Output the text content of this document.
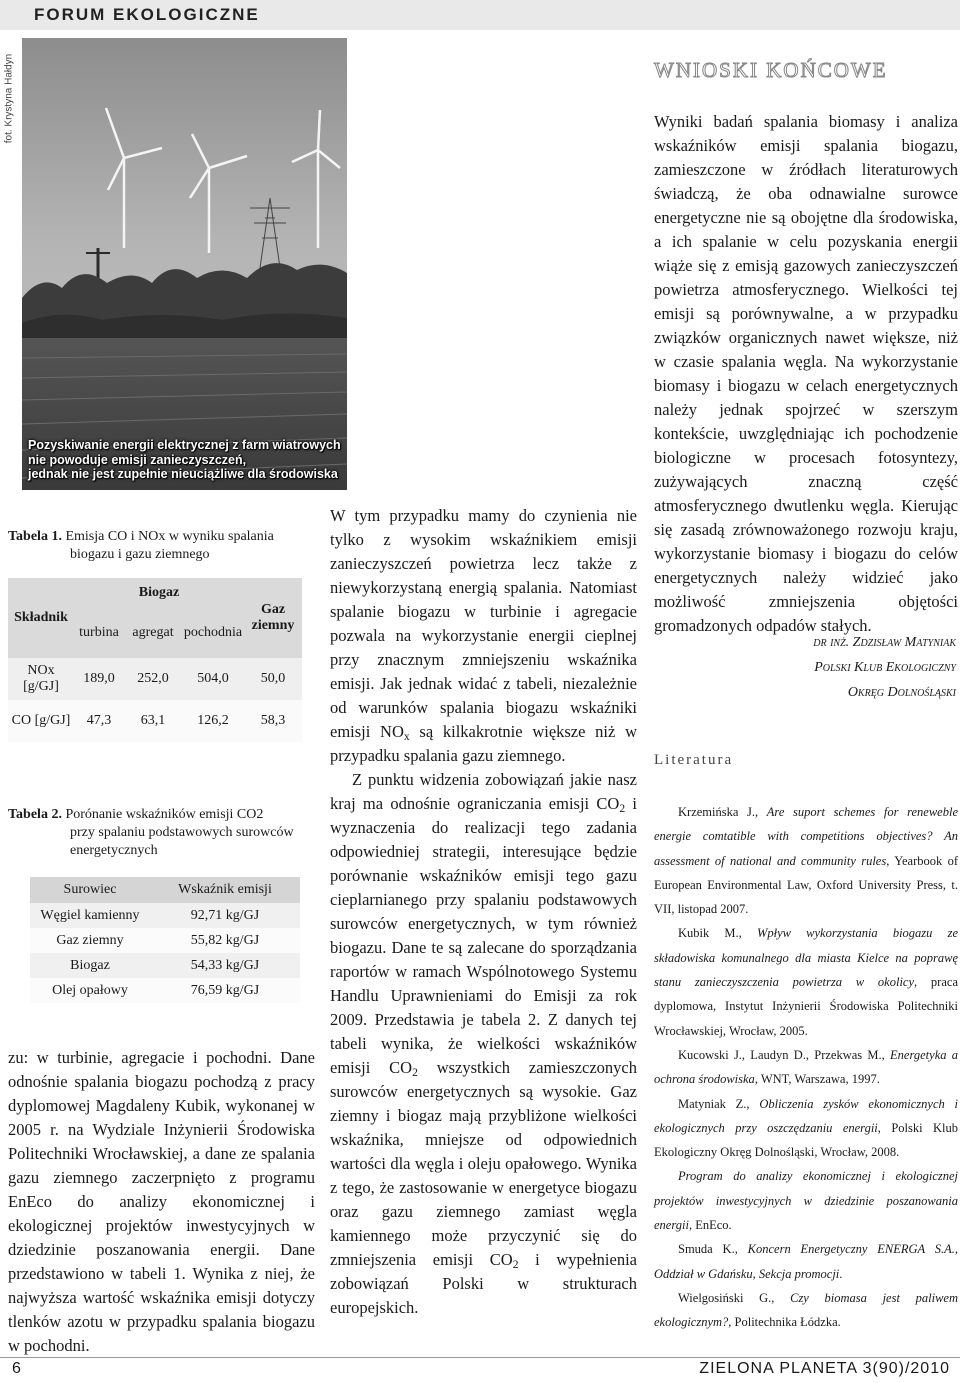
FORUM EKOLOGICZNE
fot. Krystyna Hałdyn
Pozyskiwanie energii elektrycznej z farm wiatrowych
nie powoduje emisji zanieczyszczeń,
jednak nie jest zupełnie nieuciążliwe dla środowiska
Tabela 1. Emisja CO i NOx w wyniku spalania
biogazu i gazu ziemnego
Składnik	Biogaz			Gaz ziemny
	turbina	agregat	pochodnia	
NOx [g/GJ]	189,0	252,0	504,0	50,0
CO [g/GJ]	47,3	63,1	126,2	58,3
Tabela 2. Porónanie wskaźników emisji CO2
przy spalaniu podstawowych surowców
energetycznych
Surowiec	Wskaźnik emisji
Węgiel kamienny	92,71 kg/GJ
Gaz ziemny	55,82 kg/GJ
Biogaz	54,33 kg/GJ
Olej opałowy	76,59 kg/GJ

zu: w turbinie, agregacie i pochodni. Dane odnośnie spalania biogazu pochodzą z pracy dyplomowej Magdaleny Kubik, wykonanej w 2005 r. na Wydziale Inżynierii Środowiska Politechniki Wrocławskiej, a dane ze spalania gazu ziemnego zaczerpnięto z programu EnEco do analizy ekonomicznej i ekologicznej projektów inwestycyjnych w dziedzinie poszanowania energii. Dane przedstawiono w tabeli 1. Wynika z niej, że najwyższa wartość wskaźnika emisji dotyczy tlenków azotu w przypadku spalania biogazu w pochodni.

W tym przypadku mamy do czynienia nie tylko z wysokim wskaźnikiem emisji zanieczyszczeń powietrza lecz także z niewykorzystaną energią spalania. Natomiast spalanie biogazu w turbinie i agregacie pozwala na wykorzystanie energii cieplnej przy znacznym zmniejszeniu wskaźnika emisji. Jak jednak widać z tabeli, niezależnie od warunków spalania biogazu wskaźniki emisji $NO_x$ są kilkakrotnie większe niż w przypadku spalania gazu ziemnego.

Z punktu widzenia zobowiązań jakie nasz kraj ma odnośnie ograniczania emisji $CO_2$ i wyznaczenia do realizacji tego zadania odpowiedniej strategii, interesujące będzie porównanie wskaźników emisji tego gazu cieplarnianego przy spalaniu podstawowych surowców energetycznych, w tym również biogazu. Dane te są zalecane do sporządzania raportów w ramach Wspólnotowego Systemu Handlu Uprawnieniami do Emisji za rok 2009. Przedstawia je tabela 2. Z danych tej tabeli wynika, że wielkości wskaźników emisji $CO_2$ wszystkich zamieszczonych surowców energetycznych są wysokie. Gaz ziemny i biogaz mają przybliżone wielkości wskaźnika, mniejsze od odpowiednich wartości dla węgla i oleju opałowego. Wynika z tego, że zastosowanie w energetyce biogazu oraz gazu ziemnego zamiast węgla kamiennego może przyczynić się do zmniejszenia emisji $CO_2$ i wypełnienia zobowiązań Polski w strukturach europejskich.

WNIOSKI KOŃCOWE

Wyniki badań spalania biomasy i analiza wskaźników emisji spalania biogazu, zamieszczone w źródłach literaturowych świadczą, że oba odnawialne surowce energetyczne nie są obojętne dla środowiska, a ich spalanie w celu pozyskania energii wiąże się z emisją gazowych zanieczyszczeń powietrza atmosferycznego. Wielkości tej emisji są porównywalne, a w przypadku związków organicznych nawet większe, niż w czasie spalania węgla. Na wykorzystanie biomasy i biogazu w celach energetycznych należy jednak spojrzeć w szerszym kontekście, uwzględniając ich pochodzenie biologiczne w procesach fotosyntezy, zużywających znaczną część atmosferycznego dwutlenku węgla. Kierując się zasadą zrównoważonego rozwoju kraju, wykorzystanie biomasy i biogazu do celów energetycznych należy widzieć jako możliwość zmniejszenia objętości gromadzonych odpadów stałych.

dr inż. Zdzisław Matyniak
Polski Klub Ekologiczny
Okręg Dolnośląski
Literatura

Krzemińska J., Are suport schemes for reneweble energie comtatible with competitions objectives? An assessment of national and community rules, Yearbook of European Environmental Law, Oxford University Press, t. VII, listopad 2007.

Kubik M., Wpływ wykorzystania biogazu ze składowiska komunalnego dla miasta Kielce na poprawę stanu zanieczyszczenia powietrza w okolicy, praca dyplomowa, Instytut Inżynierii Środowiska Politechniki Wrocławskiej, Wrocław, 2005.

Kucowski J., Laudyn D., Przekwas M., Energetyka a ochrona środowiska, WNT, Warszawa, 1997.

Matyniak Z., Obliczenia zysków ekonomicznych i ekologicznych przy oszczędzaniu energii, Polski Klub Ekologiczny Okręg Dolnośląski, Wrocław, 2008.

Program do analizy ekonomicznej i ekologicznej projektów inwestycyjnych w dziedzinie poszanowania energii, EnEco.

Smuda K., Koncern Energetyczny ENERGA S.A., Oddział w Gdańsku, Sekcja promocji.

Wielgosiński G., Czy biomasa jest paliwem ekologicznym?, Politechnika Łódzka.

6	ZIELONA PLANETA 3(90)/2010
